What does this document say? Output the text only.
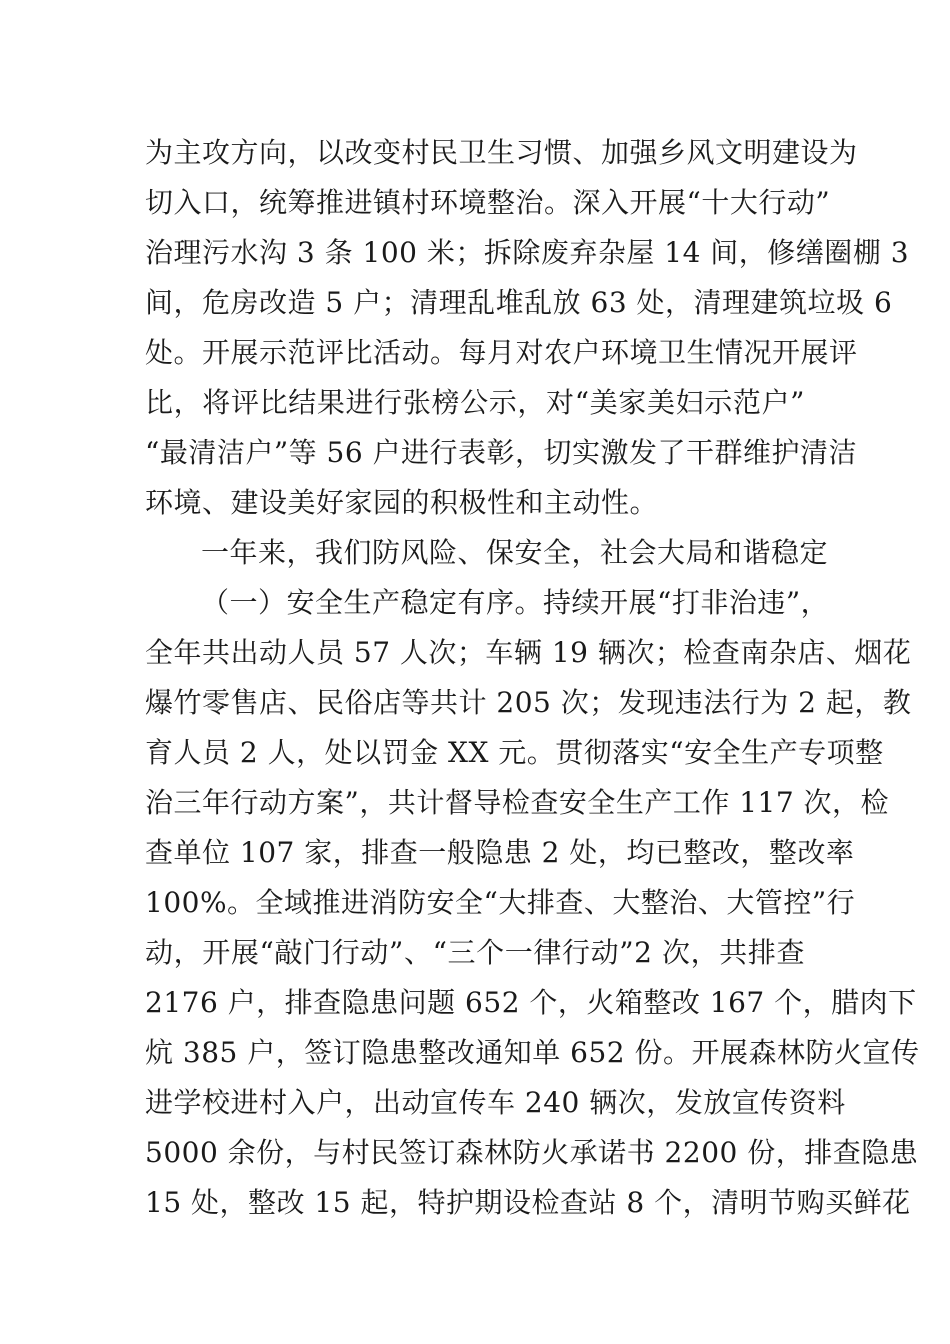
为主攻方向，以改变村民卫生习惯、加强乡风文明建设为
切入口，统筹推进镇村环境整治。深入开展“十大行动”
治理污水沟 3 条 100 米；拆除废弃杂屋 14 间，修缮圈棚 3
间，危房改造 5 户；清理乱堆乱放 63 处，清理建筑垃圾 6
处。开展示范评比活动。每月对农户环境卫生情况开展评
比，将评比结果进行张榜公示，对“美家美妇示范户”
“最清洁户”等 56 户进行表彰，切实激发了干群维护清洁
环境、建设美好家园的积极性和主动性。
一年来，我们防风险、保安全，社会大局和谐稳定
（一）安全生产稳定有序。持续开展“打非治违”，
全年共出动人员 57 人次；车辆 19 辆次；检查南杂店、烟花
爆竹零售店、民俗店等共计 205 次；发现违法行为 2 起，教
育人员 2 人，处以罚金 XX 元。贯彻落实“安全生产专项整
治三年行动方案”，共计督导检查安全生产工作 117 次，检
查单位 107 家，排查一般隐患 2 处，均已整改，整改率
100%。全域推进消防安全“大排查、大整治、大管控”行
动，开展“敲门行动”、“三个一律行动”2 次，共排查
2176 户，排查隐患问题 652 个，火箱整改 167 个，腊肉下
炕 385 户，签订隐患整改通知单 652 份。开展森林防火宣传
进学校进村入户，出动宣传车 240 辆次，发放宣传资料
5000 余份，与村民签订森林防火承诺书 2200 份，排查隐患
15 处，整改 15 起，特护期设检查站 8 个，清明节购买鲜花
